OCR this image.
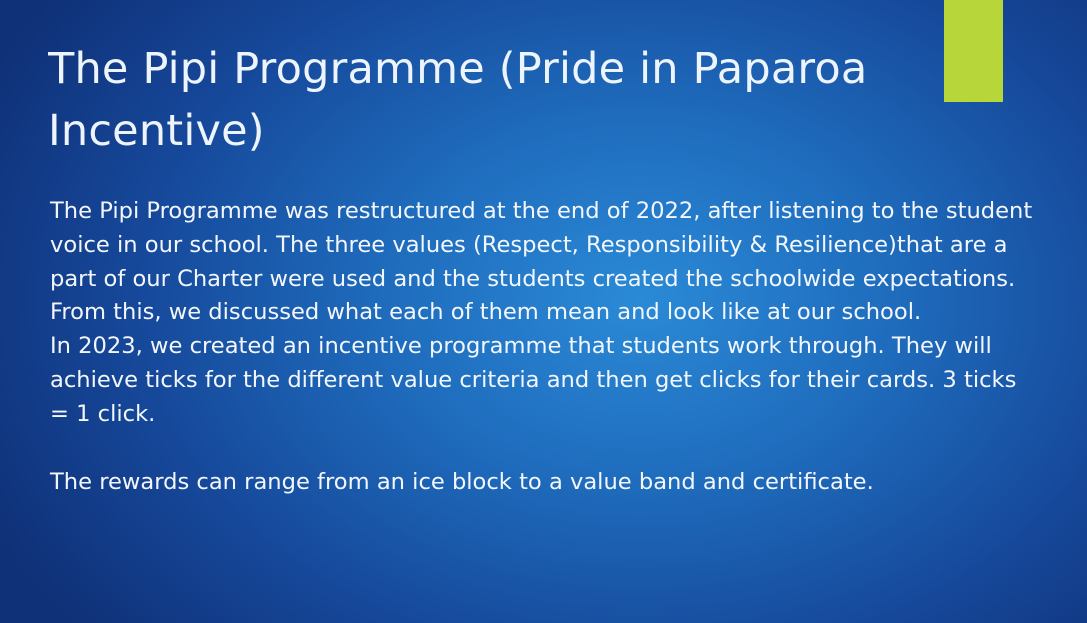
The Pipi Programme (Pride in Paparoa
Incentive)

The Pipi Programme was restructured at the end of 2022, after listening to the student voice in our school. The three values (Respect, Responsibility & Resilience)that are a part of our Charter were used and the students created the schoolwide expectations.

From this, we discussed what each of them mean and look like at our school.

In 2023, we created an incentive programme that students work through. They will achieve ticks for the different value criteria and then get clicks for their cards. 3 ticks = 1 click.

The rewards can range from an ice block to a value band and certificate.
